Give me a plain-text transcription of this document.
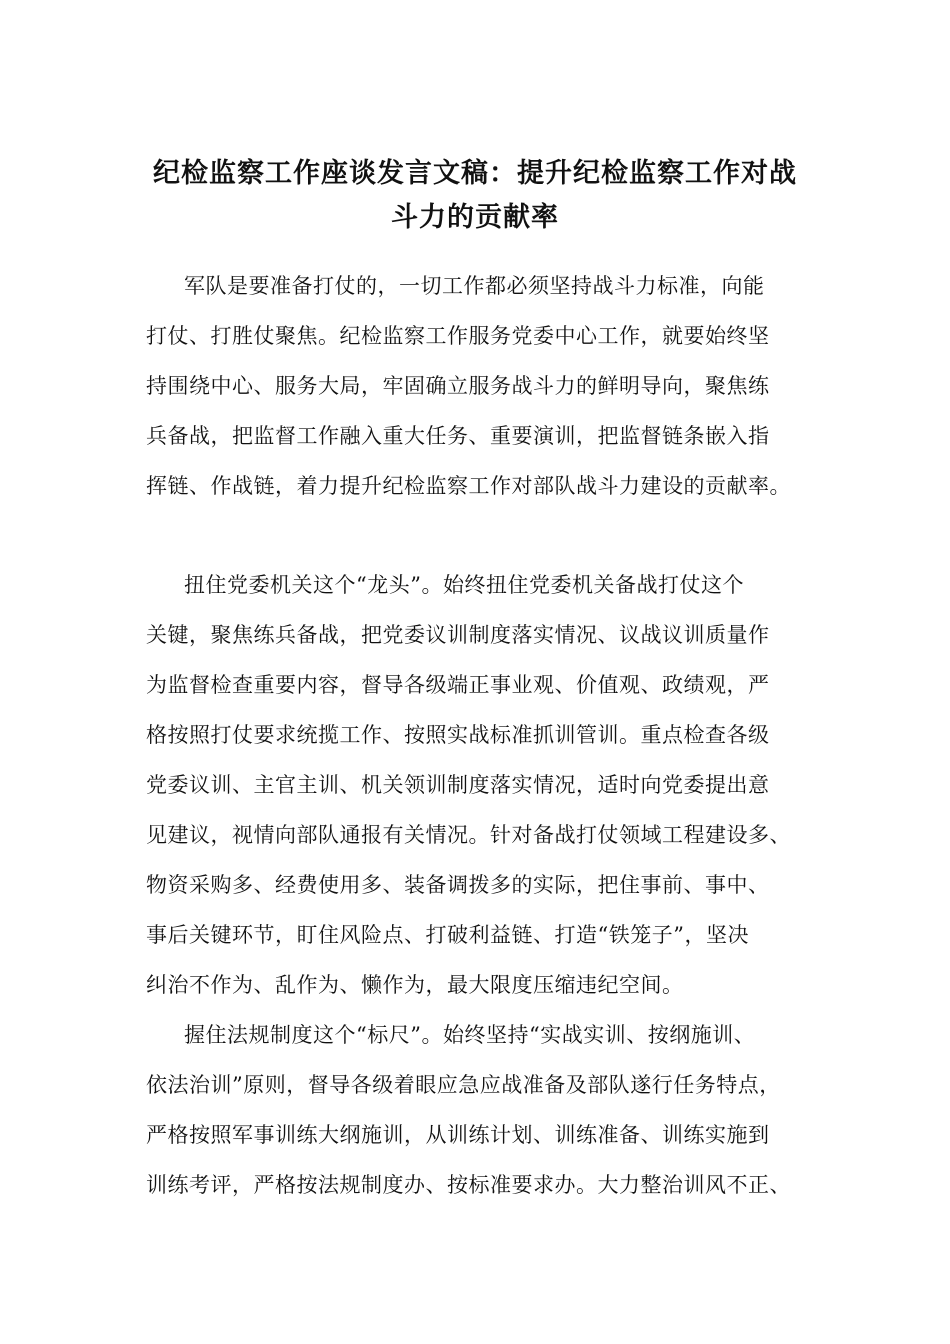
纪检监察工作座谈发言文稿：提升纪检监察工作对战
斗力的贡献率
军队是要准备打仗的，一切工作都必须坚持战斗力标准，向能
打仗、打胜仗聚焦。纪检监察工作服务党委中心工作，就要始终坚
持围绕中心、服务大局，牢固确立服务战斗力的鲜明导向，聚焦练
兵备战，把监督工作融入重大任务、重要演训，把监督链条嵌入指
挥链、作战链，着力提升纪检监察工作对部队战斗力建设的贡献率。
扭住党委机关这个“龙头”。始终扭住党委机关备战打仗这个
关键，聚焦练兵备战，把党委议训制度落实情况、议战议训质量作
为监督检查重要内容，督导各级端正事业观、价值观、政绩观，严
格按照打仗要求统揽工作、按照实战标准抓训管训。重点检查各级
党委议训、主官主训、机关领训制度落实情况，适时向党委提出意
见建议，视情向部队通报有关情况。针对备战打仗领域工程建设多、
物资采购多、经费使用多、装备调拨多的实际，把住事前、事中、
事后关键环节，盯住风险点、打破利益链、打造“铁笼子”，坚决
纠治不作为、乱作为、懒作为，最大限度压缩违纪空间。
握住法规制度这个“标尺”。始终坚持“实战实训、按纲施训、
依法治训”原则，督导各级着眼应急应战准备及部队遂行任务特点，
严格按照军事训练大纲施训，从训练计划、训练准备、训练实施到
训练考评，严格按法规制度办、按标准要求办。大力整治训风不正、
